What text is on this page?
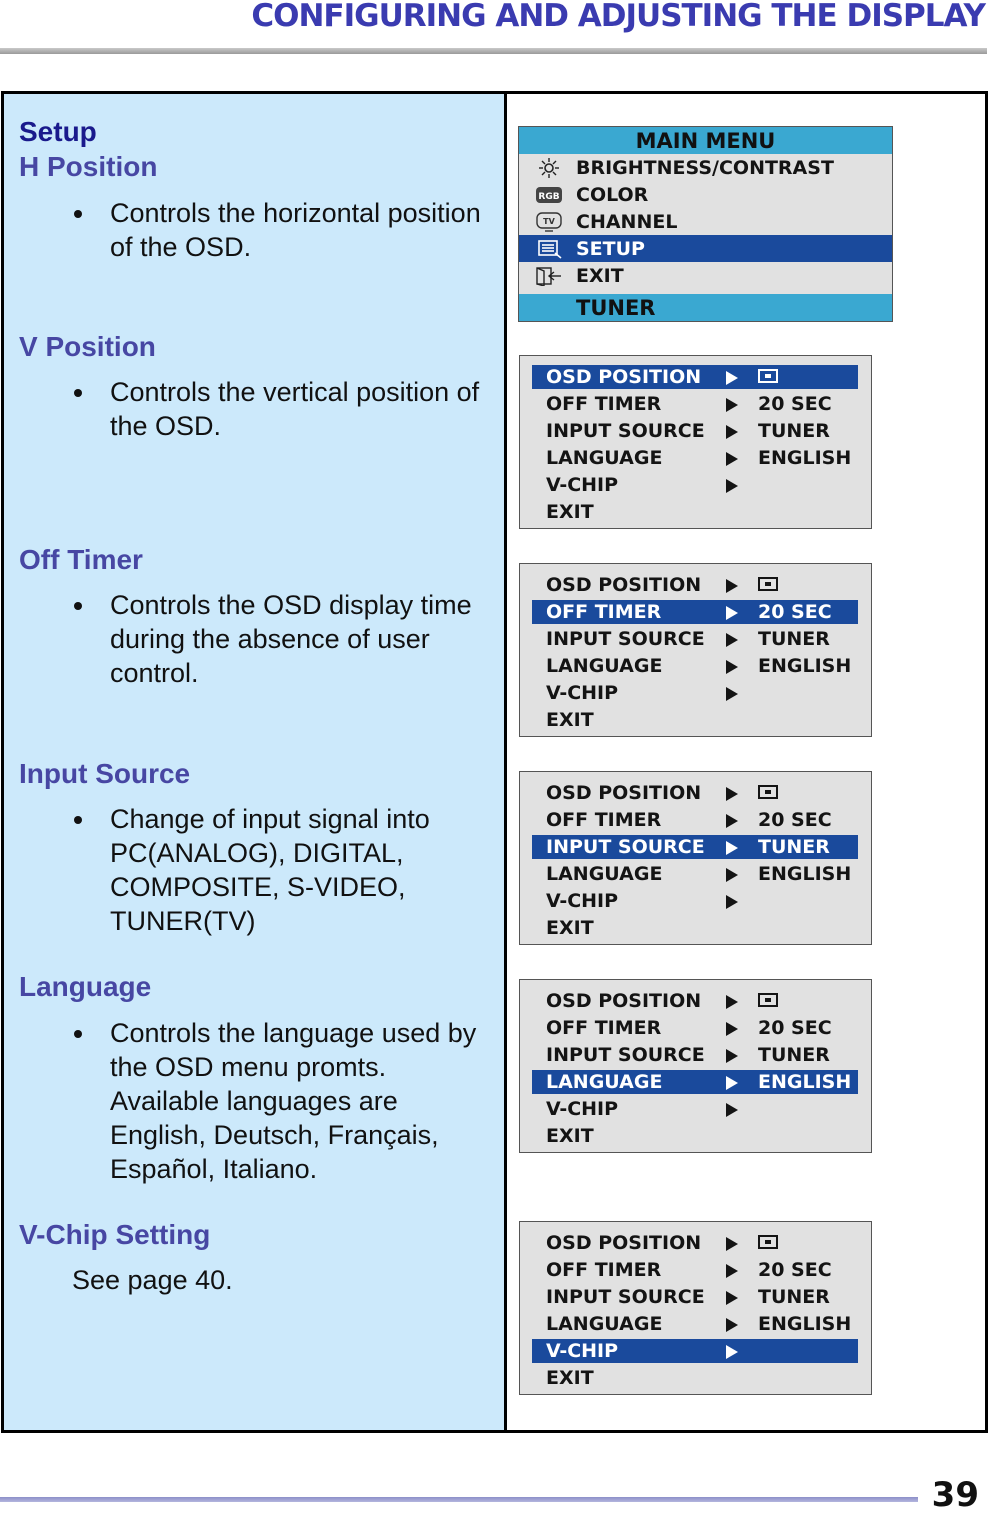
CONFIGURING AND ADJUSTING THE DISPLAY
Setup
H Position
Controls the horizontal position of the OSD.
V Position
Controls the vertical position of the OSD.
Off Timer
Controls the OSD display time during the absence of user control.
Input Source
Change of input signal into PC(ANALOG), DIGITAL, COMPOSITE, S-VIDEO, TUNER(TV)
Language
Controls the language used by the OSD menu promts. Available languages are English, Deutsch, Français, Español, Italiano.
V-Chip Setting
See page 40.
MAIN MENU
BRIGHTNESS/CONTRAST
RGB COLOR
TV CHANNEL
SETUP
EXIT
TUNER
OSD POSITION
OFF TIMER	20 SEC
INPUT SOURCE	TUNER
LANGUAGE	ENGLISH
V-CHIP
EXIT
OSD POSITION
OFF TIMER	20 SEC
INPUT SOURCE	TUNER
LANGUAGE	ENGLISH
V-CHIP
EXIT
OSD POSITION
OFF TIMER	20 SEC
INPUT SOURCE	TUNER
LANGUAGE	ENGLISH
V-CHIP
EXIT
OSD POSITION
OFF TIMER	20 SEC
INPUT SOURCE	TUNER
LANGUAGE	ENGLISH
V-CHIP
EXIT
OSD POSITION
OFF TIMER	20 SEC
INPUT SOURCE	TUNER
LANGUAGE	ENGLISH
V-CHIP
EXIT
39
